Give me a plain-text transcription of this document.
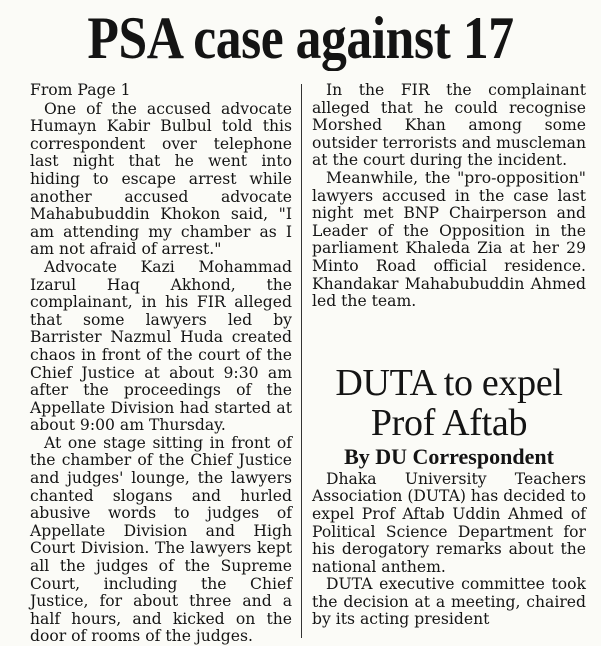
PSA case against 17

From Page 1

One of the accused advocate Humayn Kabir Bulbul told this correspondent over telephone last night that he went into hiding to escape arrest while another accused advocate Mahabubuddin Khokon said, "I am attending my chamber as I am not afraid of arrest."

Advocate Kazi Mohammad Izarul Haq Akhond, the complainant, in his FIR alleged that some lawyers led by Barrister Nazmul Huda created chaos in front of the court of the Chief Justice at about 9:30 am after the proceedings of the Appellate Division had started at about 9:00 am Thursday.

At one stage sitting in front of the chamber of the Chief Justice and judges' lounge, the lawyers chanted slogans and hurled abusive words to judges of Appellate Division and High Court Division. The lawyers kept all the judges of the Supreme Court, including the Chief Justice, for about three and a half hours, and kicked on the door of rooms of the judges.

In the FIR the complainant alleged that he could recognise Morshed Khan among some outsider terrorists and muscleman at the court during the incident.

Meanwhile, the "pro-opposition" lawyers accused in the case last night met BNP Chairperson and Leader of the Opposition in the parliament Khaleda Zia at her 29 Minto Road official residence. Khandakar Mahabubuddin Ahmed led the team.

DUTA to expel
Prof Aftab
By DU Correspondent

Dhaka University Teachers Association (DUTA) has decided to expel Prof Aftab Uddin Ahmed of Political Science Department for his derogatory remarks about the national anthem.

DUTA executive committee took the decision at a meeting, chaired by its acting president
